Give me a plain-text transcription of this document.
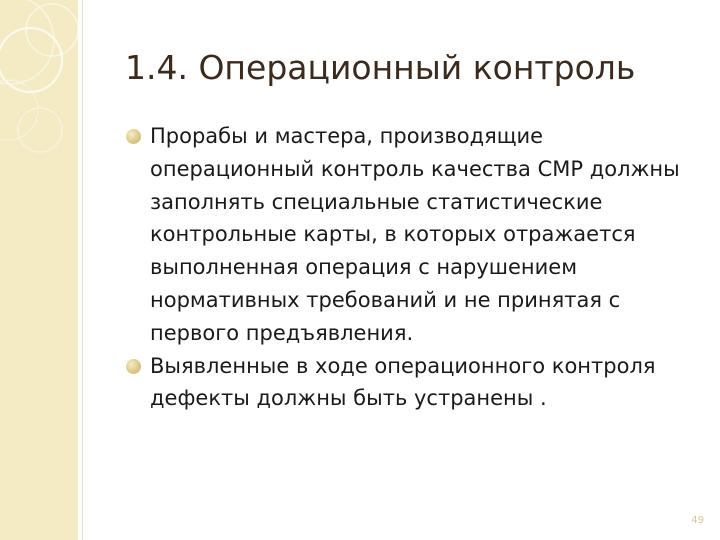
1.4. Операционный контроль
Прорабы и мастера, производящие операционный контроль качества СМР должны заполнять специальные статистические контрольные карты, в которых отражается выполненная операция с нарушением нормативных требований и не принятая с первого предъявления.
Выявленные в ходе операционного контроля дефекты должны быть устранены .
49
